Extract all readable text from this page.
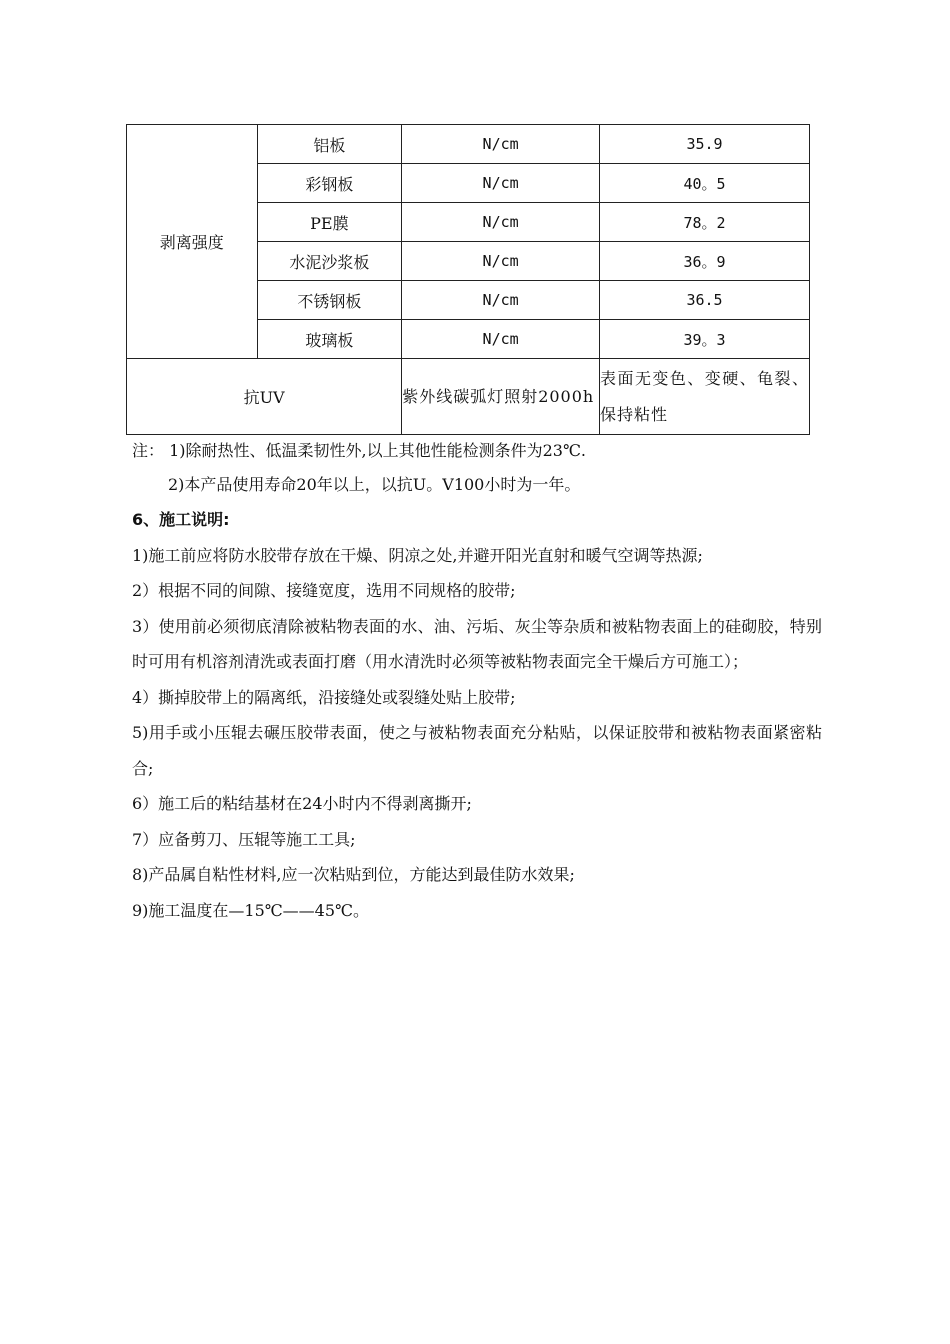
剥离强度	铝板	N/cm	35.9
	彩钢板	N/cm	40。5
	PE膜	N/cm	78。2
	水泥沙浆板	N/cm	36。9
	不锈钢板	N/cm	36.5
	玻璃板	N/cm	39。3
抗UV		紫外线碳弧灯照射2000h	表面无变色、变硬、龟裂、保持粘性
注： 1)除耐热性、低温柔韧性外,以上其他性能检测条件为23℃.
2)本产品使用寿命20年以上，以抗U。V100小时为一年。
6、施工说明:
1)施工前应将防水胶带存放在干燥、阴凉之处,并避开阳光直射和暖气空调等热源;
2）根据不同的间隙、接缝宽度，选用不同规格的胶带;
3）使用前必须彻底清除被粘物表面的水、油、污垢、灰尘等杂质和被粘物表面上的硅砌胶，特别时可用有机溶剂清洗或表面打磨（用水清洗时必须等被粘物表面完全干燥后方可施工）；
4）撕掉胶带上的隔离纸，沿接缝处或裂缝处贴上胶带;
5)用手或小压辊去碾压胶带表面，使之与被粘物表面充分粘贴，以保证胶带和被粘物表面紧密粘合;
6）施工后的粘结基材在24小时内不得剥离撕开;
7）应备剪刀、压辊等施工工具;
8)产品属自粘性材料,应一次粘贴到位，方能达到最佳防水效果;
9)施工温度在—15℃——45℃。
